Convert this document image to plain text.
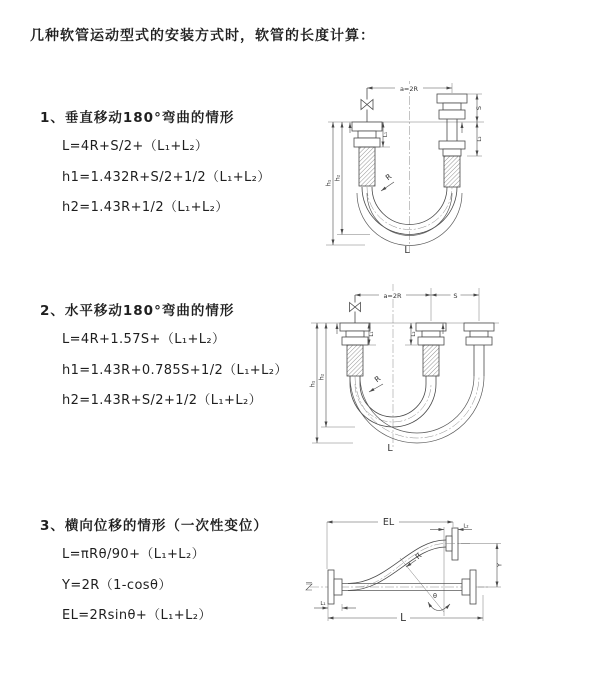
几种软管运动型式的安装方式时，软管的长度计算：
1、垂直移动180°弯曲的情形
L=4R+S/2+（L₁+L₂）
h1=1.432R+S/2+1/2（L₁+L₂）
h2=1.43R+1/2（L₁+L₂）
2、水平移动180°弯曲的情形
L=4R+1.57S+（L₁+L₂）
h1=1.43R+0.785S+1/2（L₁+L₂）
h2=1.43R+S/2+1/2（L₁+L₂）
3、横向位移的情形（一次性变位）
L=πRθ/90+（L₁+L₂）
Y=2R（1-cosθ）
EL=2Rsinθ+（L₁+L₂）
a=2R
h₁
h₂
S
L₂
L₁
R
L
a=2R	S
h₁
h₂
L₁	L₂
R
L
EL	L₂
θ
R
Y
L₁
L
